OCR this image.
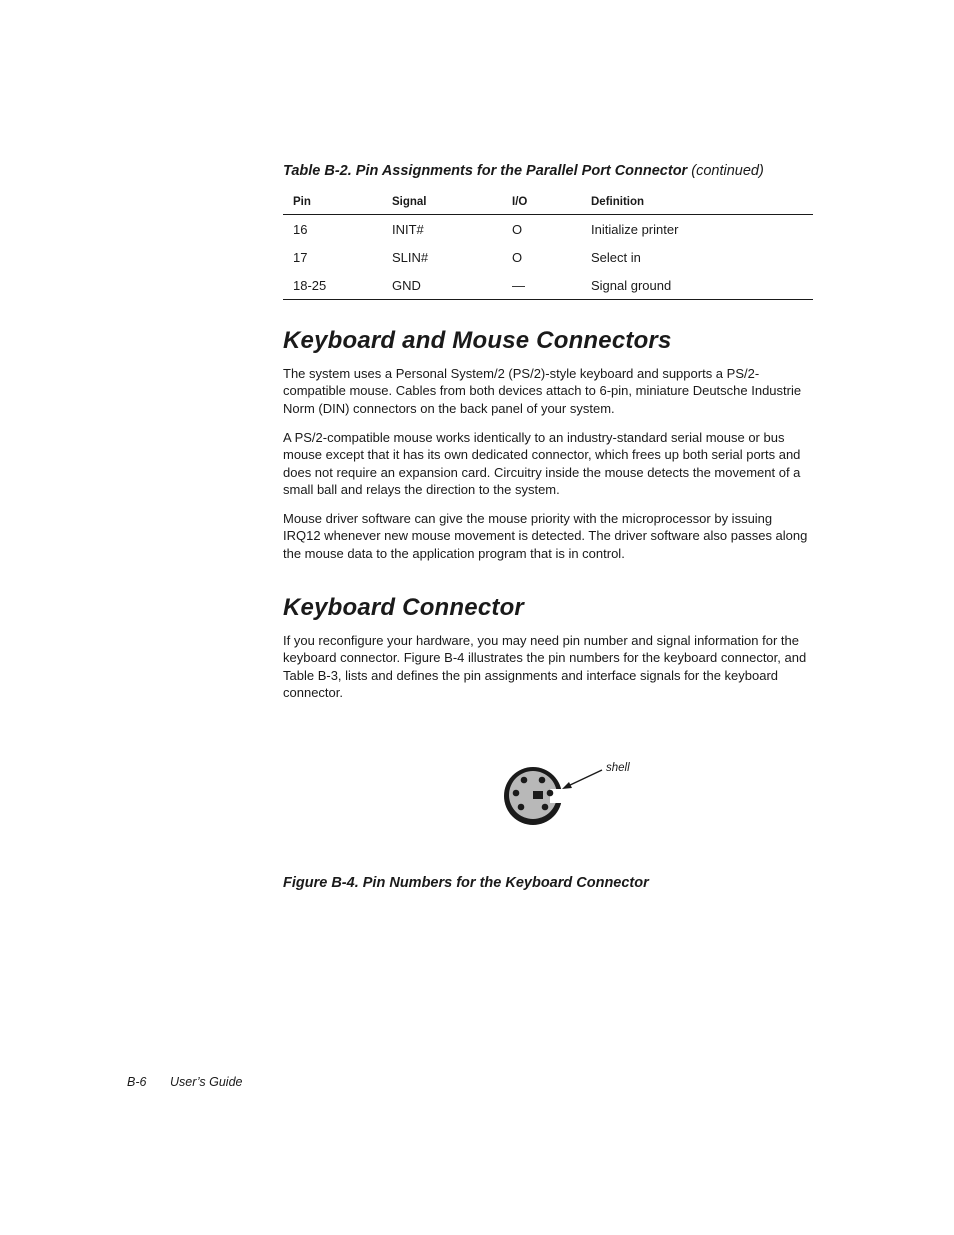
Table B-2. Pin Assignments for the Parallel Port Connector (continued)
Pin	Signal	I/O	Definition
16	INIT#	O	Initialize printer
17	SLIN#	O	Select in
18-25	GND	—	Signal ground
Keyboard and Mouse Connectors

The system uses a Personal System/2 (PS/2)-style keyboard and supports a PS/2-compatible mouse. Cables from both devices attach to 6-pin, miniature Deutsche Industrie Norm (DIN) connectors on the back panel of your system.

A PS/2-compatible mouse works identically to an industry-standard serial mouse or bus mouse except that it has its own dedicated connector, which frees up both serial ports and does not require an expansion card. Circuitry inside the mouse detects the movement of a small ball and relays the direction to the system.

Mouse driver software can give the mouse priority with the microprocessor by issuing IRQ12 whenever new mouse movement is detected. The driver software also passes along the mouse data to the application program that is in control.

Keyboard Connector

If you reconfigure your hardware, you may need pin number and signal information for the keyboard connector. Figure B-4 illustrates the pin numbers for the keyboard connector, and Table B-3, lists and defines the pin assignments and interface signals for the keyboard connector.

shell
Figure B-4. Pin Numbers for the Keyboard Connector
B-6 User’s Guide
